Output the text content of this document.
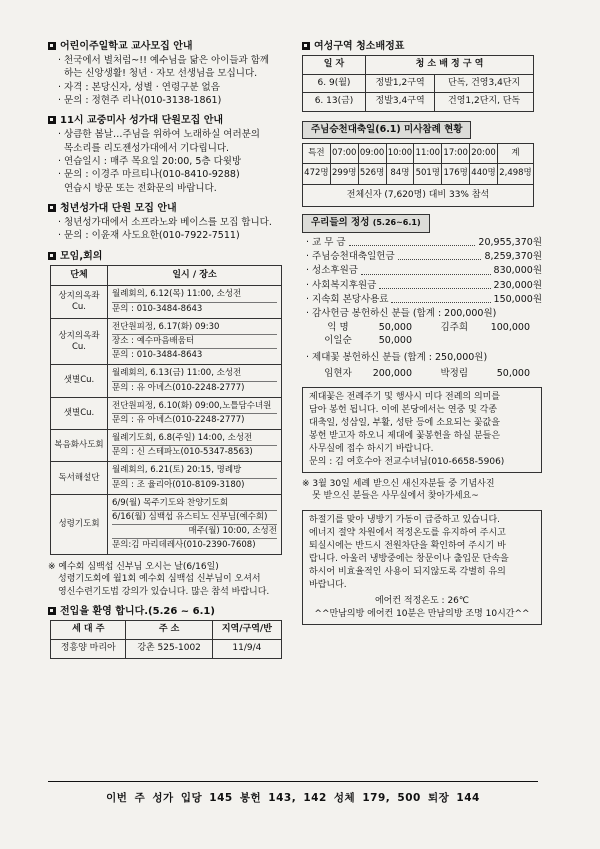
어린이주일학교 교사모집 안내
· 천국에서 별처럼~!! 예수님을 닮은 아이들과 함께
하는 신앙생활! 청년 · 자모 선생님을 모십니다.
· 자격 : 본당신자, 성별 · 연령구분 없음
· 문의 : 정현주 리나(010-3138-1861)
11시 교중미사 성가대 단원모집 안내
· 상큼한 봄날…주님을 위하여 노래하실 여러분의
목소리를 리도젠성가대에서 기다립니다.
· 연습일시 : 매주 목요일 20:00, 5층 다윗방
· 문의 : 이경주 마르티나(010-8410-9288)
연습시 방문 또는 전화문의 바랍니다.
청년성가대 단원 모집 안내
· 청년성가대에서 소프라노와 베이스를 모집 합니다.
· 문의 : 이윤재 사도요한(010-7922-7511)
모임,회의
단체	일시 / 장소
상지의옥좌Cu.	월례회의, 6.12(목) 11:00, 소성전
문의 : 010-3484-8643

상지의옥좌Cu.	전단원피정, 6.17(화) 09:30
장소 : 예수마음배움터
문의 : 010-3484-8643

샛별Cu.	월례회의, 6.13(금) 11:00, 소성전
문의 : 유 아녜스(010-2248-2777)

샛별Cu.	전단원피정, 6.10(화) 09:00,노틀담수녀원
문의 : 유 아녜스(010-2248-2777)

복음화사도회	월례기도회, 6.8(주일) 14:00, 소성전
문의 : 신 스테파노(010-5347-8563)

독서해설단	월례회의, 6.21(토) 20:15, 명례방
문의 : 조 율리아(010-8109-3180)

성령기도회	6/9(월) 목주기도와 찬양기도회
6/16(월) 심백섭 유스티노 신부님(예수회)
매주(월) 10:00, 소성전
문의:김 마리데레사(010-2390-7608)
※ 예수회 심백섭 신부님 오시는 날(6/16일)
성령기도회에 월1회 예수회 심백섭 신부님이 오셔서
영신수련기도법 강의가 있습니다. 많은 참석 바랍니다.
전입을 환영 합니다.(5.26 ~ 6.1)
세 대 주	주 소	지역/구역/반
정흥양 마리아	강촌 525-1002	11/9/4
여성구역 청소배정표
일 자	청 소 배 정 구 역	
6. 9(월)	정발1,2구역	단독, 건영3,4단지
6. 13(금)	정발3,4구역	건영1,2단지, 단독
주님승천대축일(6.1) 미사참례 현황
특전	07:00	09:00	10:00	11:00	17:00	20:00	계
472명	299명	526명	84명	501명	176명	440명	2,498명
전체신자 (7,620명) 대비 33% 참석							
우리들의 정성 (5.26~6.1)
· 교 무 금	20,955,370원
· 주님승천대축일헌금	8,259,370원
· 성소후원금	830,000원
· 사회복지후원금	230,000원
· 지속회 본당사용료	150,000원
· 감사헌금 봉헌하신 분들 (합계 : 200,000원)
익 명	50,000	김주희	100,000
이일순	50,000
· 제대꽃 봉헌하신 분들 (합계 : 250,000원)
임현자	200,000	박정림	50,000

제대꽃은 전례주기 및 행사시 미다 전례의 의미를

담아 봉헌 됩니다. 이에 본당에서는 연중 및 각종

대축일, 성삼일, 부활, 성탄 등에 소요되는 꽃값을

봉헌 받고자 하오니 제대에 꽃봉헌을 하실 분들은

사무실에 접수 하시기 바랍니다.

문의 : 김 여호수아 전교수녀님(010-6658-5906)

※ 3월 30일 세례 받으신 새신자분들 중 기념사진
못 받으신 분들은 사무실에서 찾아가세요~

하절기를 맞아 냉방기 가동이 급증하고 있습니다.

에너지 절약 차원에서 적정온도를 유지하여 주시고

퇴실시에는 반드시 전원차단을 확인하여 주시기 바

랍니다. 아울러 냉방중에는 창문이나 출입문 단속을

하시어 비효율적인 사용이 되지않도록 각별히 유의

바랍니다.

에어컨 적정온도 : 26℃

^^만남의방 에어컨 10분은 만남의방 조명 10시간^^

이번 주 성가 입당 145 봉헌 143, 142 성체 179, 500 퇴장 144
